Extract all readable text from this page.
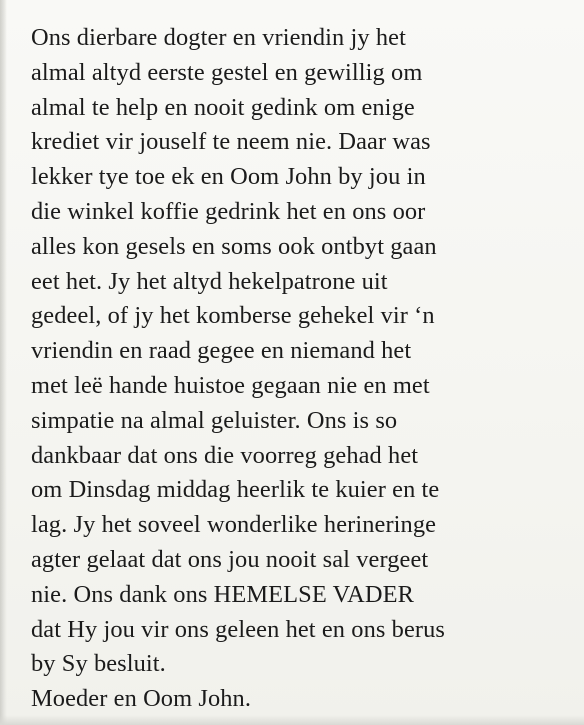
Ons dierbare dogter en vriendin jy het
almal altyd eerste gestel en gewillig om
almal te help en nooit gedink om enige
krediet vir jouself te neem nie. Daar was
lekker tye toe ek en Oom John by jou in
die winkel koffie gedrink het en ons oor
alles kon gesels en soms ook ontbyt gaan
eet het. Jy het altyd hekelpatrone uit
gedeel, of jy het komberse gehekel vir ‘n
vriendin en raad gegee en niemand het
met leë hande huistoe gegaan nie en met
simpatie na almal geluister. Ons is so
dankbaar dat ons die voorreg gehad het
om Dinsdag middag heerlik te kuier en te
lag. Jy het soveel wonderlike herineringe
agter gelaat dat ons jou nooit sal vergeet
nie. Ons dank ons HEMELSE VADER
dat Hy jou vir ons geleen het en ons berus
by Sy besluit.
Moeder en Oom John.
